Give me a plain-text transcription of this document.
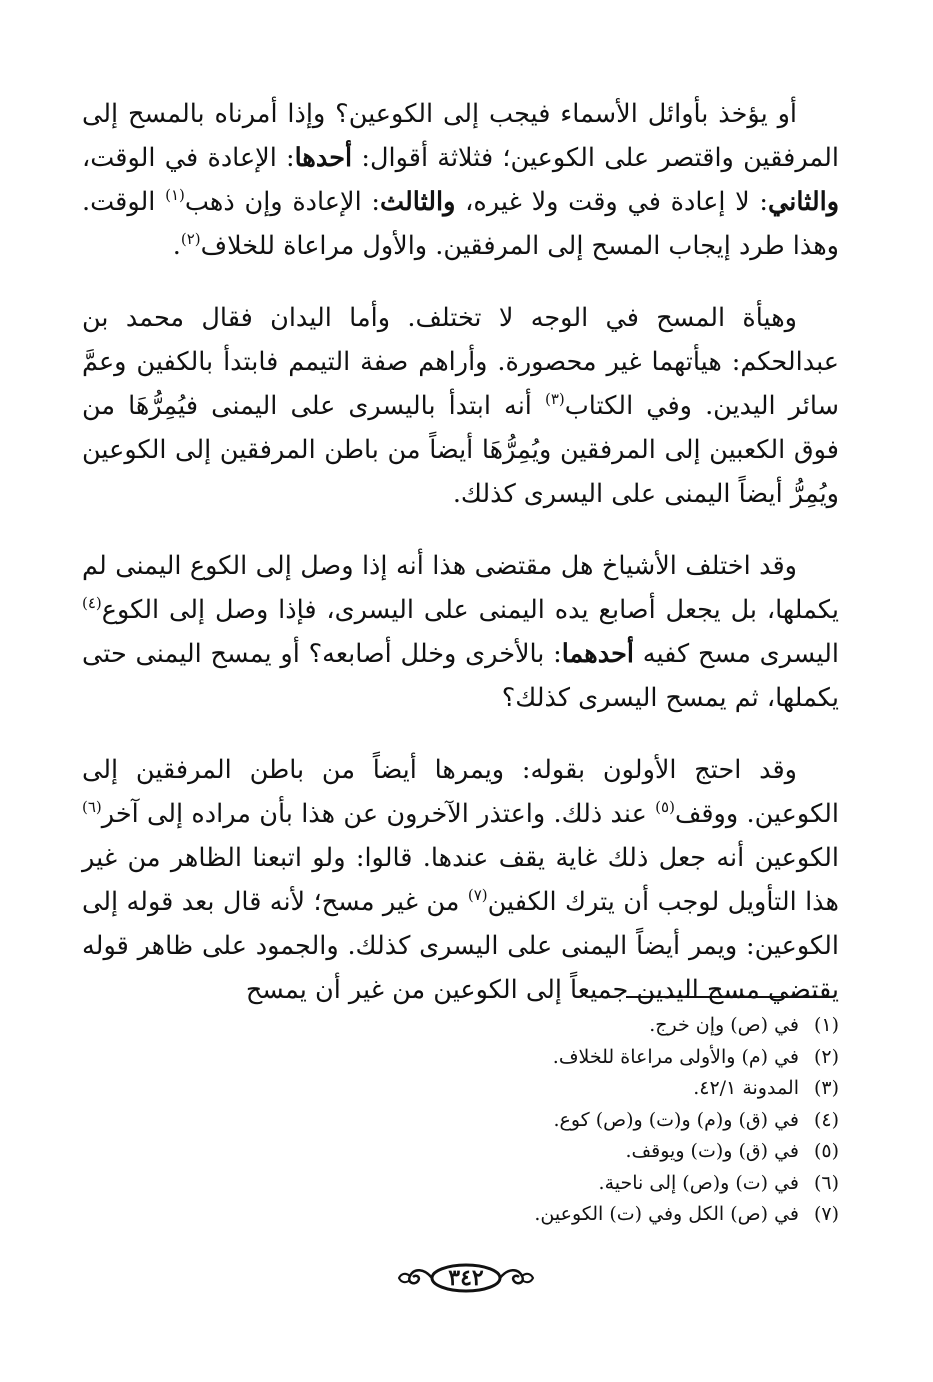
أو يؤخذ بأوائل الأسماء فيجب إلى الكوعين؟ وإذا أمرناه بالمسح إلى المرفقين واقتصر على الكوعين؛ فثلاثة أقوال: أحدها: الإعادة في الوقت، والثاني: لا إعادة في وقت ولا غيره، والثالث: الإعادة وإن ذهب$^{(١)}$ الوقت. وهذا طرد إيجاب المسح إلى المرفقين. والأول مراعاة للخلاف$^{(٢)}$.

وهيأة المسح في الوجه لا تختلف. وأما اليدان فقال محمد بن عبدالحكم: هيأتهما غير محصورة. وأراهم صفة التيمم فابتدأ بالكفين وعمَّ سائر اليدين. وفي الكتاب$^{(٣)}$ أنه ابتدأ باليسرى على اليمنى فيُمِرُّهَا من فوق الكعبين إلى المرفقين ويُمِرُّهَا أيضاً من باطن المرفقين إلى الكوعين ويُمِرُّ أيضاً اليمنى على اليسرى كذلك.

وقد اختلف الأشياخ هل مقتضى هذا أنه إذا وصل إلى الكوع اليمنى لم يكملها، بل يجعل أصابع يده اليمنى على اليسرى، فإذا وصل إلى الكوع$^{(٤)}$ اليسرى مسح كفيه أحدهما: بالأخرى وخلل أصابعه؟ أو يمسح اليمنى حتى يكملها، ثم يمسح اليسرى كذلك؟

وقد احتج الأولون بقوله: ويمرها أيضاً من باطن المرفقين إلى الكوعين. ووقف$^{(٥)}$ عند ذلك. واعتذر الآخرون عن هذا بأن مراده إلى آخر$^{(٦)}$ الكوعين أنه جعل ذلك غاية يقف عندها. قالوا: ولو اتبعنا الظاهر من غير هذا التأويل لوجب أن يترك الكفين$^{(٧)}$ من غير مسح؛ لأنه قال بعد قوله إلى الكوعين: ويمر أيضاً اليمنى على اليسرى كذلك. والجمود على ظاهر قوله يقتضي مسح اليدين جميعاً إلى الكوعين من غير أن يمسح

(١)في (ص) وإن خرج.
(٢)في (م) والأولى مراعاة للخلاف.
(٣)المدونة ٤٢/١.
(٤)في (ق) و(م) و(ت) و(ص) كوع.
(٥)في (ق) و(ت) ويوقف.
(٦)في (ت) و(ص) إلى ناحية.
(٧)في (ص) الكل وفي (ت) الكوعين.
٣٤٢
